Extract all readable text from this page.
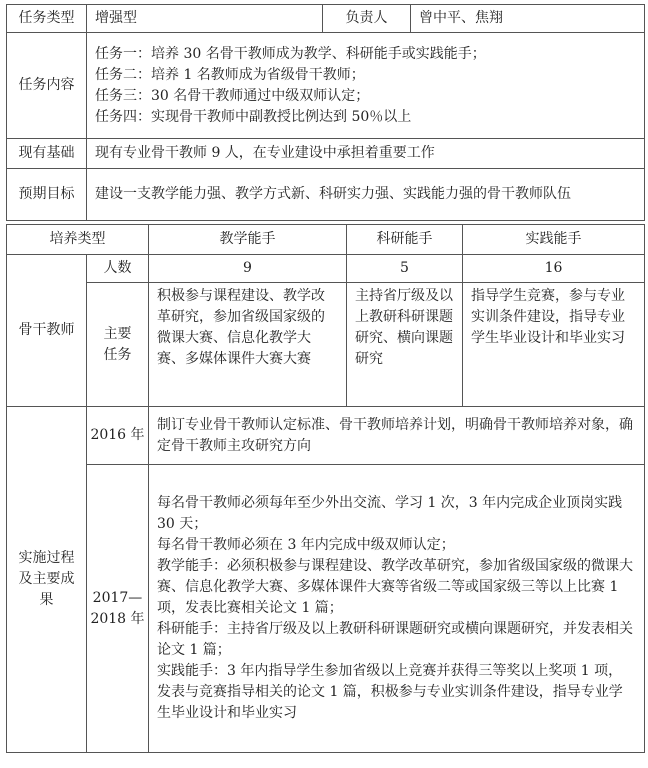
任务类型	增强型	负责人	曾中平、焦翔
任务内容	任务一：培养 30 名骨干教师成为教学、科研能手或实践能手；
任务二：培养 1 名教师成为省级骨干教师；
任务三：30 名骨干教师通过中级双师认定；
任务四：实现骨干教师中副教授比例达到 50％以上		

现有基础	现有专业骨干教师 9 人，在专业建设中承担着重要工作		
预期目标	建设一支教学能力强、教学方式新、科研实力强、实践能力强的骨干教师队伍		
培养类型		教学能手	科研能手	实践能手
骨干教师	人数	9	5	16
	主要任务	积极参与课程建设、教学改革研究，参加省级国家级的微课大赛、信息化教学大赛、多媒体课件大赛大赛	主持省厅级及以上教研科研课题研究、横向课题研究	指导学生竞赛，参与专业实训条件建设，指导专业学生毕业设计和毕业实习
实施过程及主要成果	2016 年	制订专业骨干教师认定标准、骨干教师培养计划，明确骨干教师培养对象，确定骨干教师主攻研究方向		

	2017—2018 年	每名骨干教师必须每年至少外出交流、学习 1 次，3 年内完成企业顶岗实践 30 天；
每名骨干教师必须在 3 年内完成中级双师认定；
教学能手：必须积极参与课程建设、教学改革研究，参加省级国家级的微课大赛、信息化教学大赛、多媒体课件大赛等省级二等或国家级三等以上比赛 1 项，发表比赛相关论文 1 篇；
科研能手：主持省厅级及以上教研科研课题研究或横向课题研究，并发表相关论文 1 篇；
实践能手：3 年内指导学生参加省级以上竞赛并获得三等奖以上奖项 1 项，发表与竞赛指导相关的论文 1 篇，积极参与专业实训条件建设，指导专业学生毕业设计和毕业实习		
